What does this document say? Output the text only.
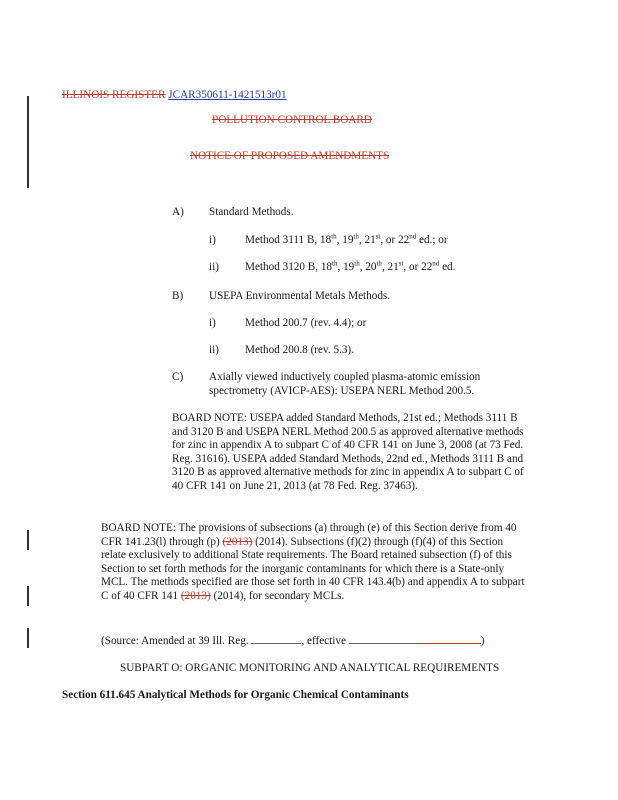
ILLINOIS REGISTER JCAR350611-1421513r01
POLLUTION CONTROL BOARD
NOTICE OF PROPOSED AMENDMENTS
A) Standard Methods.
i)	Method 3111 B, 18th, 19th, 21st, or 22nd ed.; or
ii) Method 3120 B, 18th, 19th, 20th, 21st, or 22nd ed.
B) USEPA Environmental Metals Methods.
i)	Method 200.7 (rev. 4.4); or
ii) Method 200.8 (rev. 5.3).
C) Axially viewed inductively coupled plasma-atomic emission
spectrometry (AVICP-AES): USEPA NERL Method 200.5.
BOARD NOTE: USEPA added Standard Methods, 21st ed.; Methods 3111 B and 3120 B and USEPA NERL Method 200.5 as approved alternative methods for zinc in appendix A to subpart C of 40 CFR 141 on June 3, 2008 (at 73 Fed. Reg. 31616). USEPA added Standard Methods, 22nd ed., Methods 3111 B and 3120 B as approved alternative methods for zinc in appendix A to subpart C of 40 CFR 141 on June 21, 2013 (at 78 Fed. Reg. 37463).
BOARD NOTE: The provisions of subsections (a) through (e) of this Section derive from 40 CFR 141.23(l) through (p) (2013) (2014). Subsections (f)(2) through (f)(4) of this Section relate exclusively to additional State requirements. The Board retained subsection (f) of this Section to set forth methods for the inorganic contaminants for which there is a State-only MCL. The methods specified are those set forth in 40 CFR 143.4(b) and appendix A to subpart C of 40 CFR 141 (2013) (2014), for secondary MCLs.
(Source: Amended at 39 Ill. Reg.	, effective	)
SUBPART O: ORGANIC MONITORING AND ANALYTICAL REQUIREMENTS
Section 611.645 Analytical Methods for Organic Chemical Contaminants
